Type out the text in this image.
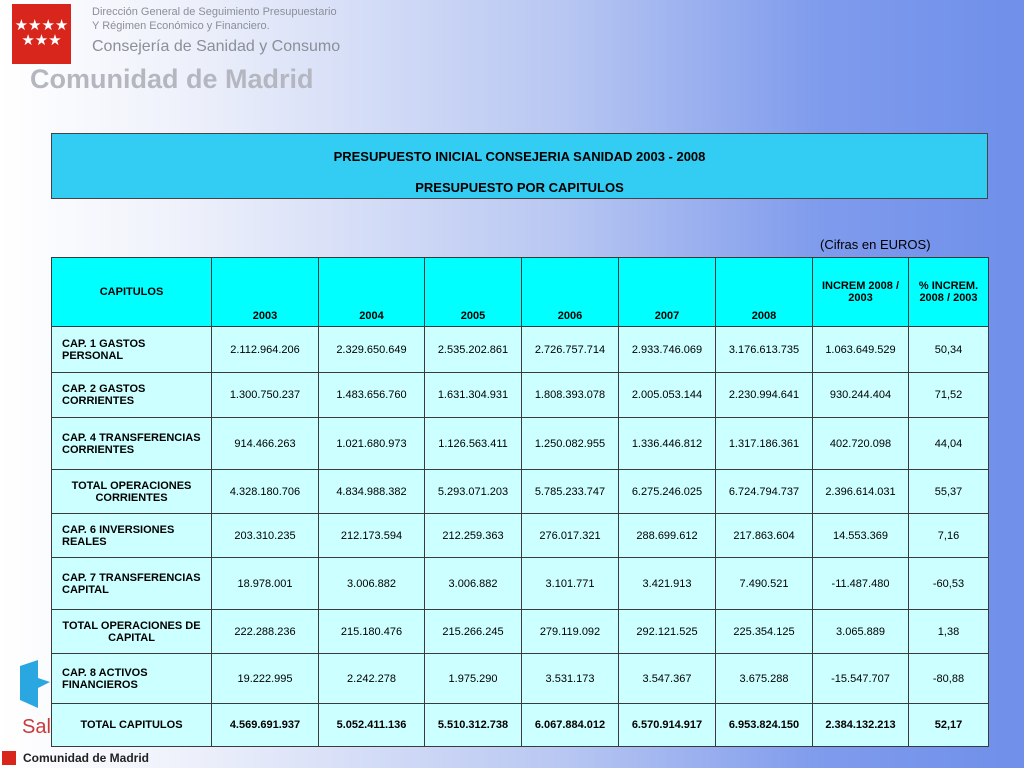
★★★★
★★★
Dirección General de Seguimiento Presupuestario
Y Régimen Económico y Financiero.
Consejería de Sanidad y Consumo
Comunidad de Madrid
PRESUPUESTO INICIAL CONSEJERIA SANIDAD 2003 - 2008
PRESUPUESTO POR CAPITULOS
(Cifras en EUROS)
CAPITULOS	2003	2004	2005	2006	2007	2008	INCREM 2008 / 2003	% INCREM. 2008 / 2003
CAP. 1 GASTOS PERSONAL	2.112.964.206	2.329.650.649	2.535.202.861	2.726.757.714	2.933.746.069	3.176.613.735	1.063.649.529	50,34
CAP. 2 GASTOS CORRIENTES	1.300.750.237	1.483.656.760	1.631.304.931	1.808.393.078	2.005.053.144	2.230.994.641	930.244.404	71,52
CAP. 4 TRANSFERENCIAS CORRIENTES	914.466.263	1.021.680.973	1.126.563.411	1.250.082.955	1.336.446.812	1.317.186.361	402.720.098	44,04
TOTAL OPERACIONES CORRIENTES	4.328.180.706	4.834.988.382	5.293.071.203	5.785.233.747	6.275.246.025	6.724.794.737	2.396.614.031	55,37
CAP. 6 INVERSIONES REALES	203.310.235	212.173.594	212.259.363	276.017.321	288.699.612	217.863.604	14.553.369	7,16
CAP. 7 TRANSFERENCIAS CAPITAL	18.978.001	3.006.882	3.006.882	3.101.771	3.421.913	7.490.521	-11.487.480	-60,53
TOTAL OPERACIONES DE CAPITAL	222.288.236	215.180.476	215.266.245	279.119.092	292.121.525	225.354.125	3.065.889	1,38
CAP. 8 ACTIVOS FINANCIEROS	19.222.995	2.242.278	1.975.290	3.531.173	3.547.367	3.675.288	-15.547.707	-80,88
TOTAL CAPITULOS	4.569.691.937	5.052.411.136	5.510.312.738	6.067.884.012	6.570.914.917	6.953.824.150	2.384.132.213	52,17
Sal
Comunidad de Madrid
